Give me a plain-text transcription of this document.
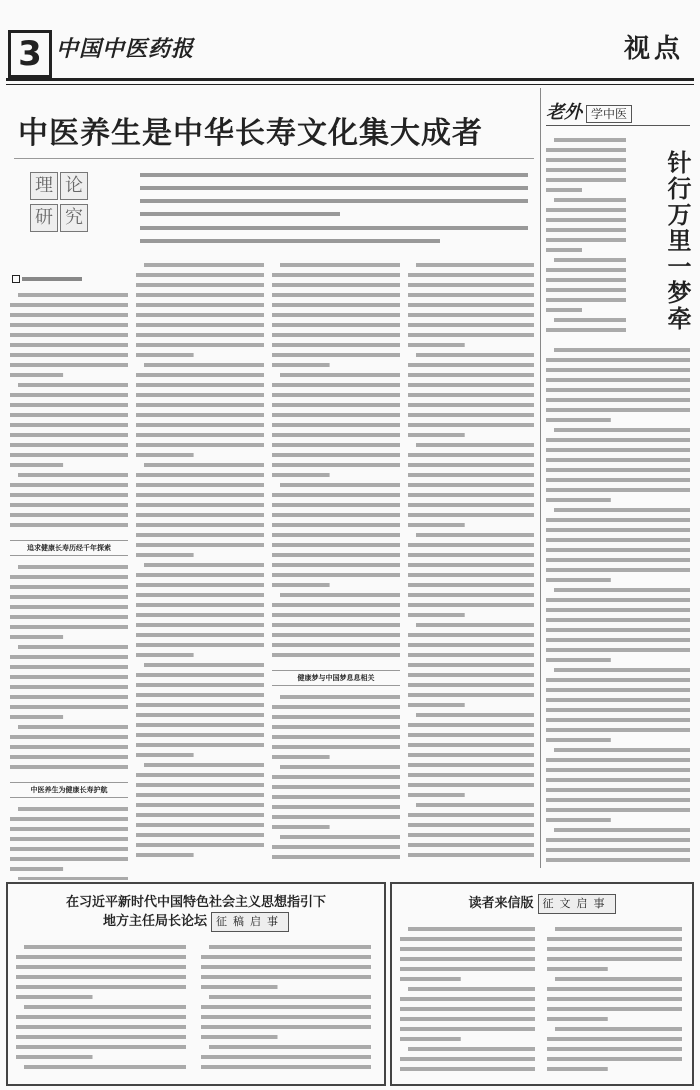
3 中国中医药报	视点
中医养生是中华长寿文化集大成者
理 论
研 究
追求健康长寿历经千年探索
中医养生为健康长寿护航
健康梦与中国梦息息相关
老外 学中医
针行万里一梦牵
在习近平新时代中国特色社会主义思想指引下
地方主任局长论坛 征稿启事
读者来信版 征文启事
